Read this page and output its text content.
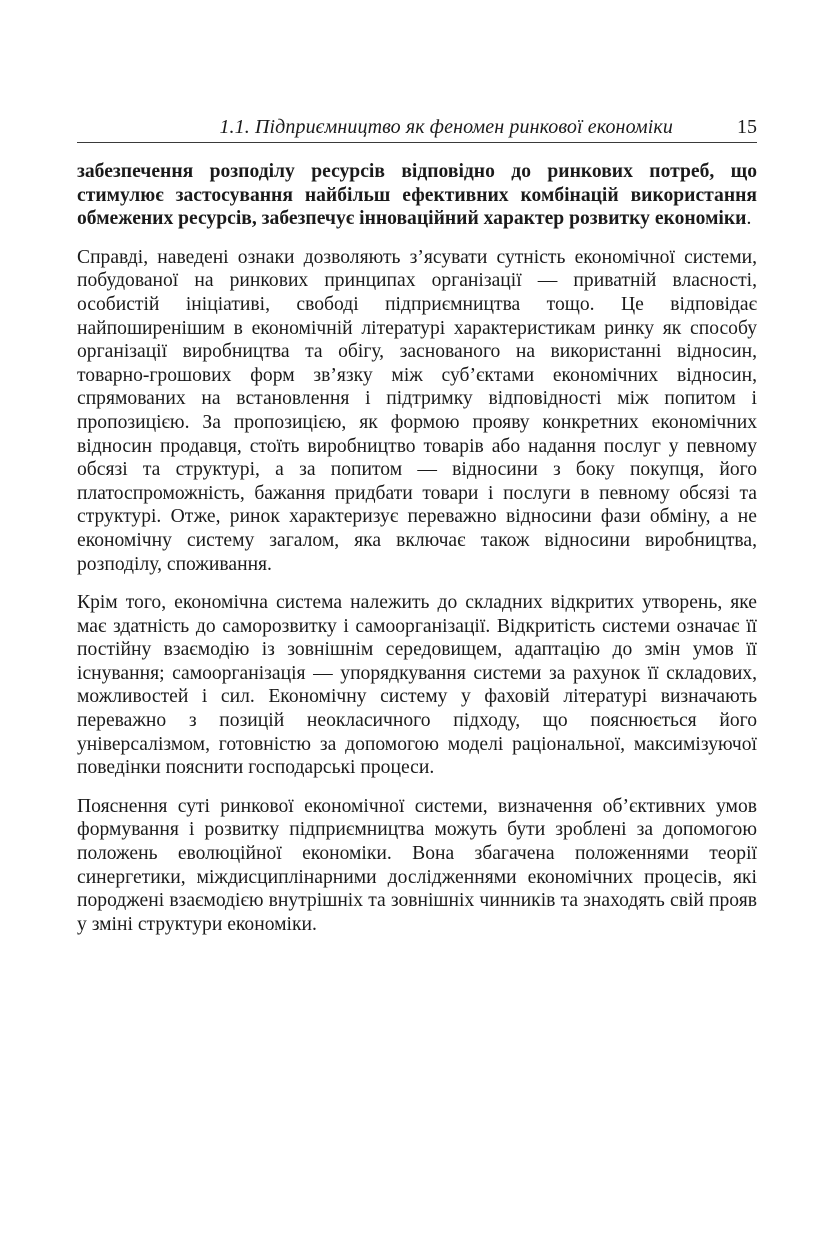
1.1. Підприємництво як феномен ринкової економіки	15

забезпечення розподілу ресурсів відповідно до ринкових потреб, що стимулює застосування найбільш ефективних комбінацій використання обмежених ресурсів, забезпечує інноваційний характер розвитку економіки.

Справді, наведені ознаки дозволяють з’ясувати сутність економічної системи, побудованої на ринкових принципах організації — приватній власності, особистій ініціативі, свободі підприємництва тощо. Це відповідає найпоширенішим в економічній літературі характеристикам ринку як способу організації виробництва та обігу, заснованого на використанні відносин, товарно-грошових форм зв’язку між суб’єктами економічних відносин, спрямованих на встановлення і підтримку відповідності між попитом і пропозицією. За пропозицією, як формою прояву конкретних економічних відносин продавця, стоїть виробництво товарів або надання послуг у певному обсязі та структурі, а за попитом — відносини з боку покупця, його платоспроможність, бажання придбати товари і послуги в певному обсязі та структурі. Отже, ринок характеризує переважно відносини фази обміну, а не економічну систему загалом, яка включає також відносини виробництва, розподілу, споживання.

Крім того, економічна система належить до складних відкритих утворень, яке має здатність до саморозвитку і самоорганізації. Відкритість системи означає її постійну взаємодію із зовнішнім середовищем, адаптацію до змін умов її існування; самоорганізація — упорядкування системи за рахунок її складових, можливостей і сил. Економічну систему у фаховій літературі визначають переважно з позицій неокласичного підходу, що пояснюється його універсалізмом, готовністю за допомогою моделі раціональної, максимізуючої поведінки пояснити господарські процеси.

Пояснення суті ринкової економічної системи, визначення об’єктивних умов формування і розвитку підприємництва можуть бути зроблені за допомогою положень еволюційної економіки. Вона збагачена положеннями теорії синергетики, міждисциплінарними дослідженнями економічних процесів, які породжені взаємодією внутрішніх та зовнішніх чинників та знаходять свій прояв у зміні структури економіки.
